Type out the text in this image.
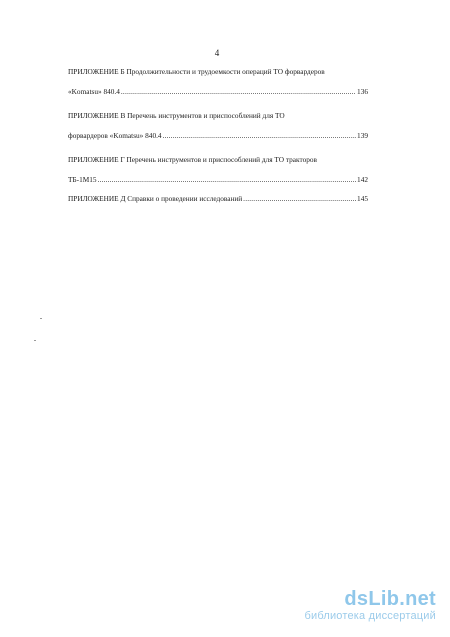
4
ПРИЛОЖЕНИЕ Б Продолжительности и трудоемкости операций ТО форвардеров
«Komatsu» 840.4 .....	136
ПРИЛОЖЕНИЕ В Перечень инструментов и приспособлений для ТО
форвардеров «Komatsu» 840.4 .....	139
ПРИЛОЖЕНИЕ Г Перечень инструментов и приспособлений для ТО тракторов
ТБ-1М15 .....	142
ПРИЛОЖЕНИЕ Д Справки о проведении исследований .....	145
dsLib.net
библиотека диссертаций
